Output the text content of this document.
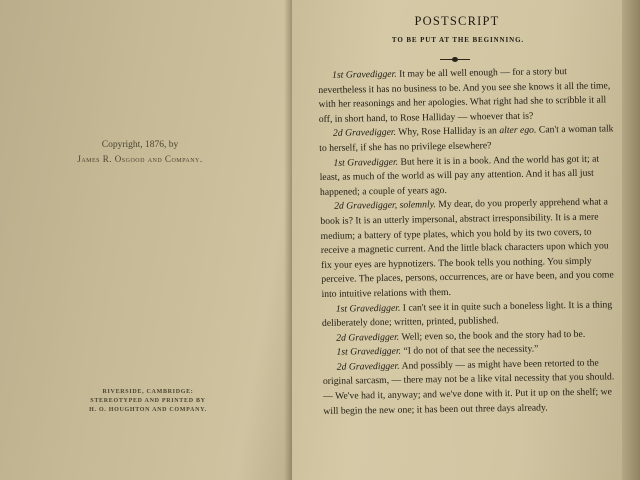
Copyright, 1876, by
James R. Osgood and Company.
RIVERSIDE, CAMBRIDGE:
STEREOTYPED AND PRINTED BY
H. O. HOUGHTON AND COMPANY.
POSTSCRIPT
TO BE PUT AT THE BEGINNING.

1st Gravedigger. It may be all well enough — for a story but nevertheless it has no business to be. And you see she knows it all the time, with her reasonings and her apologies. What right had she to scribble it all off, in short hand, to Rose Halliday — whoever that is?

2d Gravedigger. Why, Rose Halliday is an alter ego. Can't a woman talk to herself, if she has no privilege elsewhere?

1st Gravedigger. But here it is in a book. And the world has got it; at least, as much of the world as will pay any attention. And it has all just happened; a couple of years ago.

2d Gravedigger, solemnly. My dear, do you properly apprehend what a book is? It is an utterly impersonal, abstract irresponsibility. It is a mere medium; a battery of type plates, which you hold by its two covers, to receive a magnetic current. And the little black characters upon which you fix your eyes are hypnotizers. The book tells you nothing. You simply perceive. The places, persons, occurrences, are or have been, and you come into intuitive relations with them.

1st Gravedigger. I can't see it in quite such a boneless light. It is a thing deliberately done; written, printed, published.

2d Gravedigger. Well; even so, the book and the story had to be.

1st Gravedigger. “I do not of that see the necessity.”

2d Gravedigger. And possibly — as might have been retorted to the original sarcasm, — there may not be a like vital necessity that you should. — We've had it, anyway; and we've done with it. Put it up on the shelf; we will begin the new one; it has been out three days already.
